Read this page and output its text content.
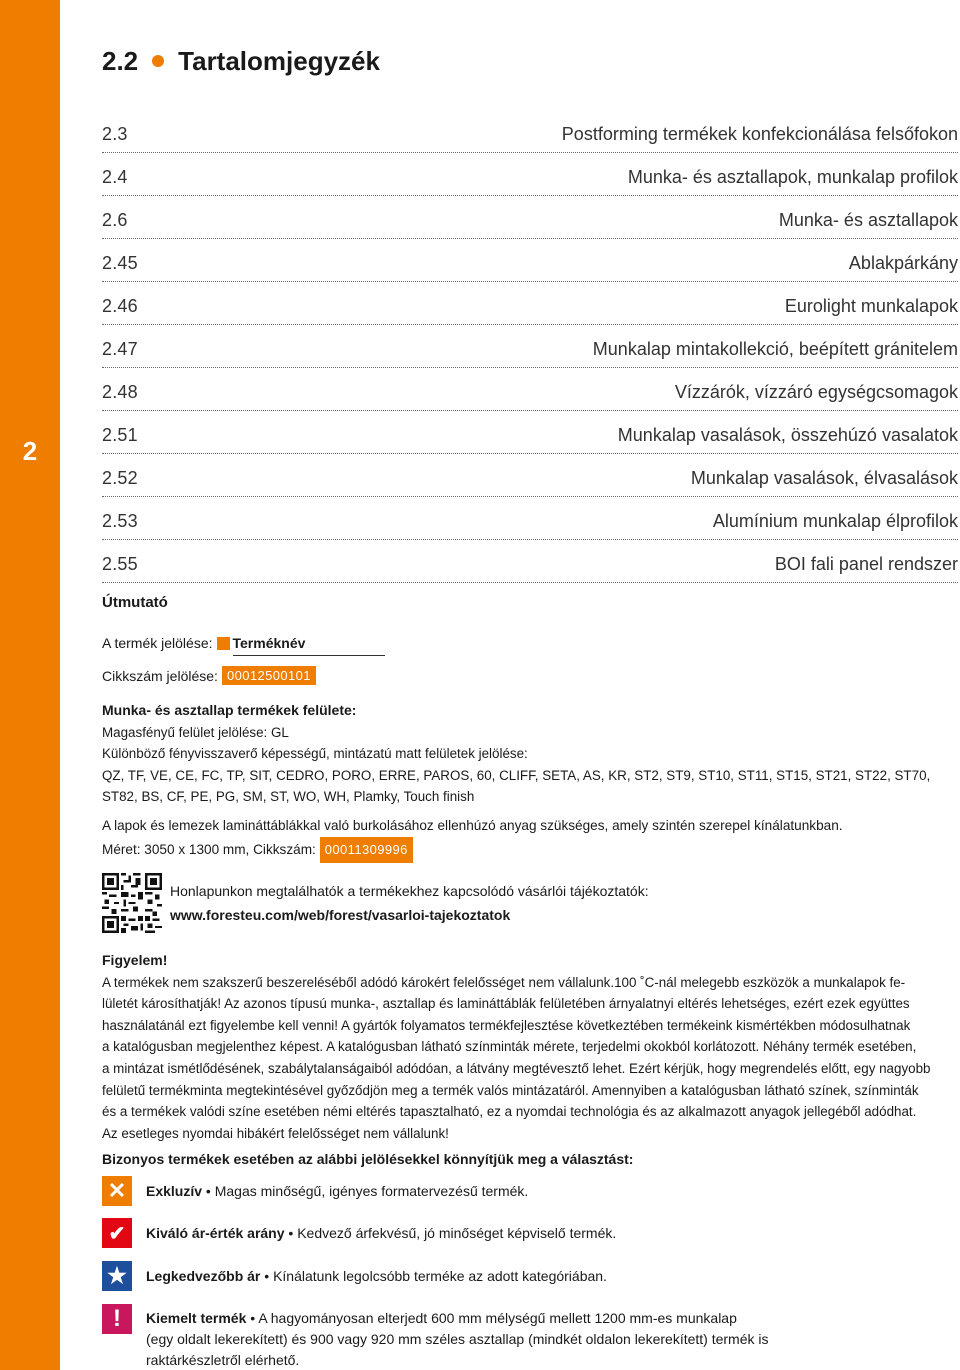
2
2.2 Tartalomjegyzék
2.3	Postforming termékek konfekcionálása felsőfokon
2.4	Munka- és asztallapok, munkalap profilok
2.6	Munka- és asztallapok
2.45	Ablakpárkány
2.46	Eurolight munkalapok
2.47	Munkalap mintakollekció, beépített gránitelem
2.48	Vízzárók, vízzáró egységcsomagok
2.51	Munkalap vasalások, összehúzó vasalatok
2.52	Munkalap vasalások, élvasalások
2.53	Alumínium munkalap élprofilok
2.55	BOI fali panel rendszer
Útmutató
A termék jelölése: Terméknév
Cikkszám jelölése: 00012500101
Munka- és asztallap termékek felülete:
Magasfényű felület jelölése: GL
Különböző fényvisszaverő képességű, mintázatú matt felületek jelölése:
QZ, TF, VE, CE, FC, TP, SIT, CEDRO, PORO, ERRE, PAROS, 60, CLIFF, SETA, AS, KR, ST2, ST9, ST10, ST11, ST15, ST21, ST22, ST70,
ST82, BS, CF, PE, PG, SM, ST, WO, WH, Plamky, Touch finish
A lapok és lemezek lamináttáblákkal való burkolásához ellenhúzó anyag szükséges, amely szintén szerepel kínálatunkban.
Méret: 3050 x 1300 mm, Cikkszám: 00011309996
Honlapunkon megtalálhatók a termékekhez kapcsolódó vásárlói tájékoztatók:
www.foresteu.com/web/forest/vasarloi-tajekoztatok
Figyelem!
A termékek nem szakszerű beszereléséből adódó károkért felelősséget nem vállalunk.100 ˚C-nál melegebb eszközök a munkalapok fe-
lületét károsíthatják! Az azonos típusú munka-, asztallap és lamináttáblák felületében árnyalatnyi eltérés lehetséges, ezért ezek együttes
használatánál ezt figyelembe kell venni! A gyártók folyamatos termékfejlesztése következtében termékeink kismértékben módosulhatnak
a katalógusban megjelenthez képest. A katalógusban látható színminták mérete, terjedelmi okokból korlátozott. Néhány termék esetében,
a mintázat ismétlődésének, szabálytalanságaiból adódóan, a látvány megtévesztő lehet. Ezért kérjük, hogy megrendelés előtt, egy nagyobb
felületű termékminta megtekintésével győződjön meg a termék valós mintázatáról. Amennyiben a katalógusban látható színek, színminták
és a termékek valódi színe esetében némi eltérés tapasztalható, ez a nyomdai technológia és az alkalmazott anyagok jellegéből adódhat.
Az esetleges nyomdai hibákért felelősséget nem vállalunk!
Bizonyos termékek esetében az alábbi jelölésekkel könnyítjük meg a választást:
✕	Exkluzív • Magas minőségű, igényes formatervezésű termék.
✔	Kiváló ár-érték arány • Kedvező árfekvésű, jó minőséget képviselő termék.
★	Legkedvezőbb ár • Kínálatunk legolcsóbb terméke az adott kategóriában.
!	Kiemelt termék • A hagyományosan elterjedt 600 mm mélységű mellett 1200 mm-es munkalap
(egy oldalt lekerekített) és 900 vagy 920 mm széles asztallap (mindkét oldalon lekerekített) termék is
raktárkészletről elérhető.
